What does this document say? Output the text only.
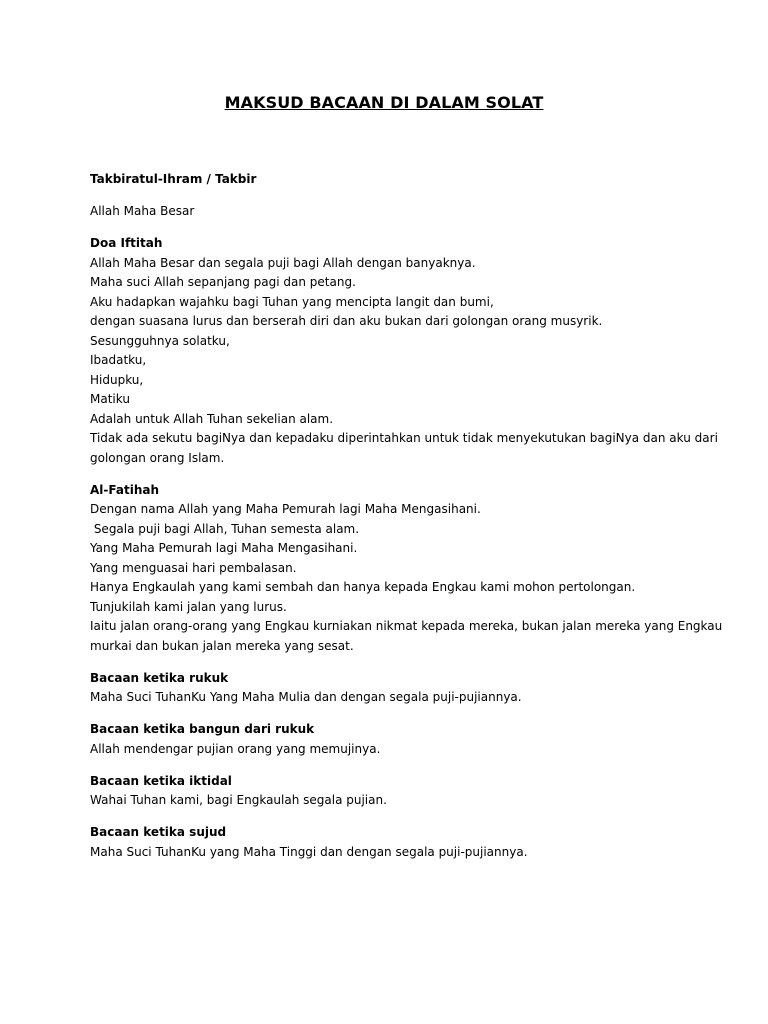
MAKSUD BACAAN DI DALAM SOLAT
Takbiratul-Ihram / Takbir
Allah Maha Besar
Doa Iftitah
Allah Maha Besar dan segala puji bagi Allah dengan banyaknya.
Maha suci Allah sepanjang pagi dan petang.
Aku hadapkan wajahku bagi Tuhan yang mencipta langit dan bumi,
dengan suasana lurus dan berserah diri dan aku bukan dari golongan orang musyrik.
Sesungguhnya solatku,
Ibadatku,
Hidupku,
Matiku
Adalah untuk Allah Tuhan sekelian alam.
Tidak ada sekutu bagiNya dan kepadaku diperintahkan untuk tidak menyekutukan bagiNya dan aku dari
golongan orang Islam.
Al-Fatihah
Dengan nama Allah yang Maha Pemurah lagi Maha Mengasihani.
Segala puji bagi Allah, Tuhan semesta alam.
Yang Maha Pemurah lagi Maha Mengasihani.
Yang menguasai hari pembalasan.
Hanya Engkaulah yang kami sembah dan hanya kepada Engkau kami mohon pertolongan.
Tunjukilah kami jalan yang lurus.
Iaitu jalan orang-orang yang Engkau kurniakan nikmat kepada mereka, bukan jalan mereka yang Engkau
murkai dan bukan jalan mereka yang sesat.
Bacaan ketika rukuk
Maha Suci TuhanKu Yang Maha Mulia dan dengan segala puji-pujiannya.
Bacaan ketika bangun dari rukuk
Allah mendengar pujian orang yang memujinya.
Bacaan ketika iktidal
Wahai Tuhan kami, bagi Engkaulah segala pujian.
Bacaan ketika sujud
Maha Suci TuhanKu yang Maha Tinggi dan dengan segala puji-pujiannya.
